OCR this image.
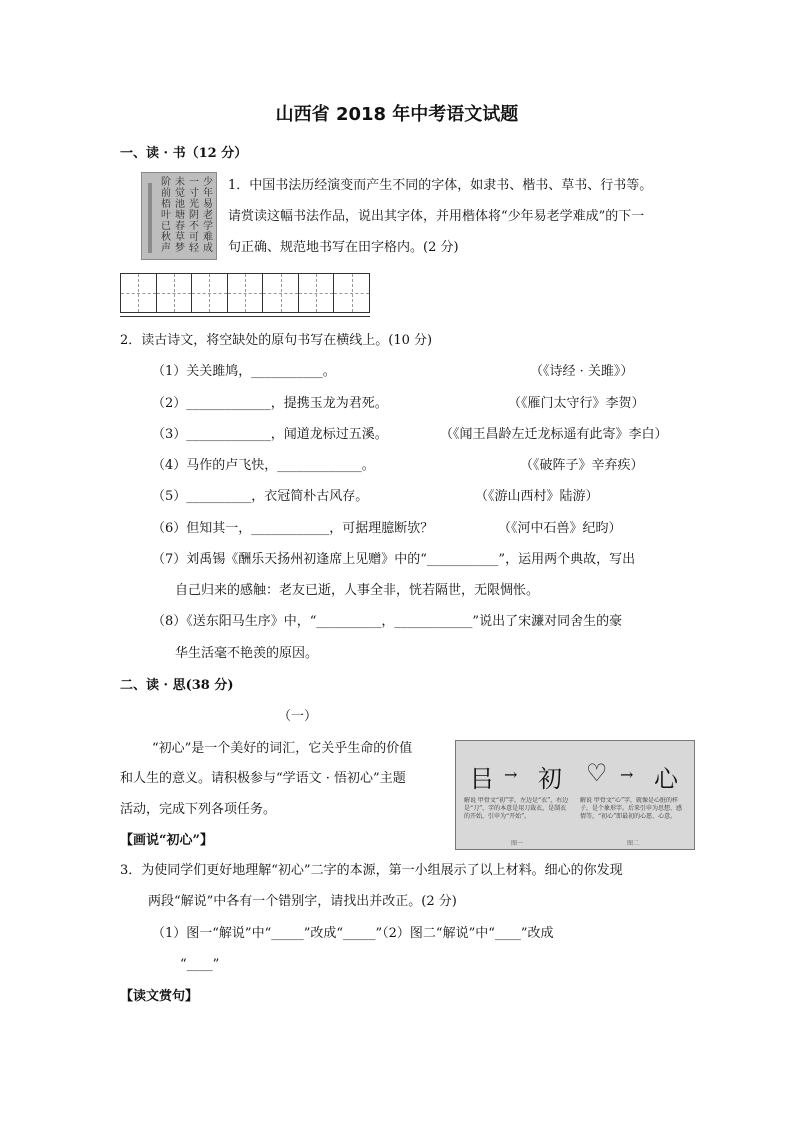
山西省 2018 年中考语文试题
一、读 · 书（12 分）
少年易老学难成
一寸光阴不可轻
未觉池塘春草梦
阶前梧叶已秋声
1．中国书法历经演变而产生不同的字体，如隶书、楷书、草书、行书等。
请赏读这幅书法作品，说出其字体，并用楷体将“少年易老学难成”的下一
句正确、规范地书写在田字格内。(2 分)
2．读古诗文，将空缺处的原句书写在横线上。(10 分)
（1）关关雎鸠，___________。	（《诗经 · 关雎》）
（2）_____________，提携玉龙为君死。	（《雁门太守行》李贺）
（3）_____________，闻道龙标过五溪。	（《闻王昌龄左迁龙标遥有此寄》李白）
（4）马作的卢飞快，_____________。	（《破阵子》辛弃疾）
（5）__________，衣冠简朴古风存。	（《游山西村》陆游）
（6）但知其一，____________，可据理臆断欤？	（《河中石兽》纪昀）
（7）刘禹锡《酬乐天扬州初逢席上见赠》中的“___________”，运用两个典故，写出
自己归来的感触：老友已逝，人事全非，恍若隔世，无限惆怅。
（8）《送东阳马生序》中，“__________，____________”说出了宋濂对同舍生的豪
华生活毫不艳羡的原因。
二、读 · 思(38 分)
（一）
“初心”是一个美好的词汇，它关乎生命的价值
和人生的意义。请积极参与“学语文 · 悟初心”主题
活动，完成下列各项任务。
㠯 → 初
解说 甲骨文“初”字，左边是“衣”，右边是“刀”，字的本意是用刀裁衣，是制衣的开始，引申为“开始”。
图一
♡ → 心
解说 甲骨文“心”字，就像是心脏的样子，是个象形字。后来引申为思想、感情等，“初心”即最初的心愿、心意。
图二
【画说“初心”】
3．为使同学们更好地理解“初心”二字的本源，第一小组展示了以上材料。细心的你发现
两段“解说”中各有一个错别字，请找出并改正。(2 分)
（1）图一“解说”中“_____”改成“_____”（2）图二“解说”中“____”改成
“____”
【读文赏句】
